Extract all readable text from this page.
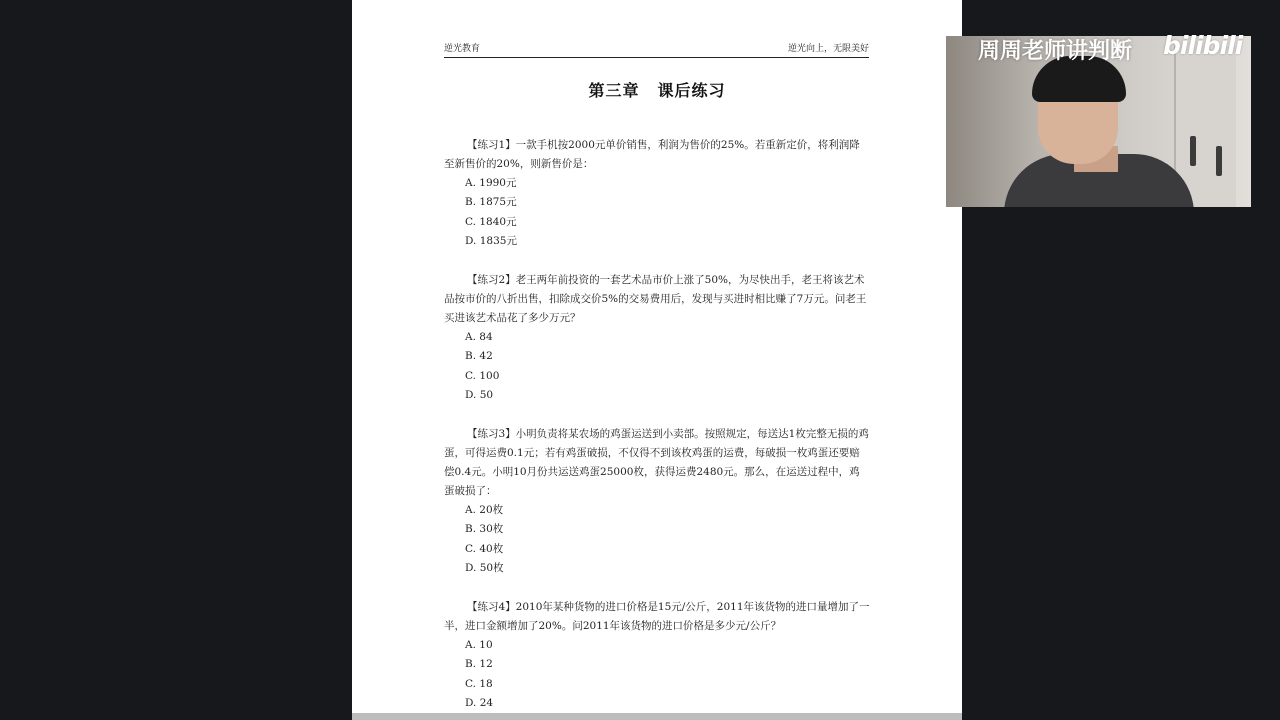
逆光教育	逆光向上，无限美好
第三章 课后练习

【练习1】一款手机按2000元单价销售，利润为售价的25%。若重新定价，将利润降至新售价的20%，则新售价是：

A. 1990元
B. 1875元
C. 1840元
D. 1835元

【练习2】老王两年前投资的一套艺术品市价上涨了50%，为尽快出手，老王将该艺术品按市价的八折出售，扣除成交价5%的交易费用后，发现与买进时相比赚了7万元。问老王买进该艺术品花了多少万元？

A. 84
B. 42
C. 100
D. 50

【练习3】小明负责将某农场的鸡蛋运送到小卖部。按照规定，每送达1枚完整无损的鸡蛋，可得运费0.1元；若有鸡蛋破损，不仅得不到该枚鸡蛋的运费，每破损一枚鸡蛋还要赔偿0.4元。小明10月份共运送鸡蛋25000枚，获得运费2480元。那么，在运送过程中，鸡蛋破损了：

A. 20枚
B. 30枚
C. 40枚
D. 50枚

【练习4】2010年某种货物的进口价格是15元/公斤，2011年该货物的进口量增加了一半，进口金额增加了20%。问2011年该货物的进口价格是多少元/公斤？

A. 10
B. 12
C. 18
D. 24
周周老师讲判断 bilibili
